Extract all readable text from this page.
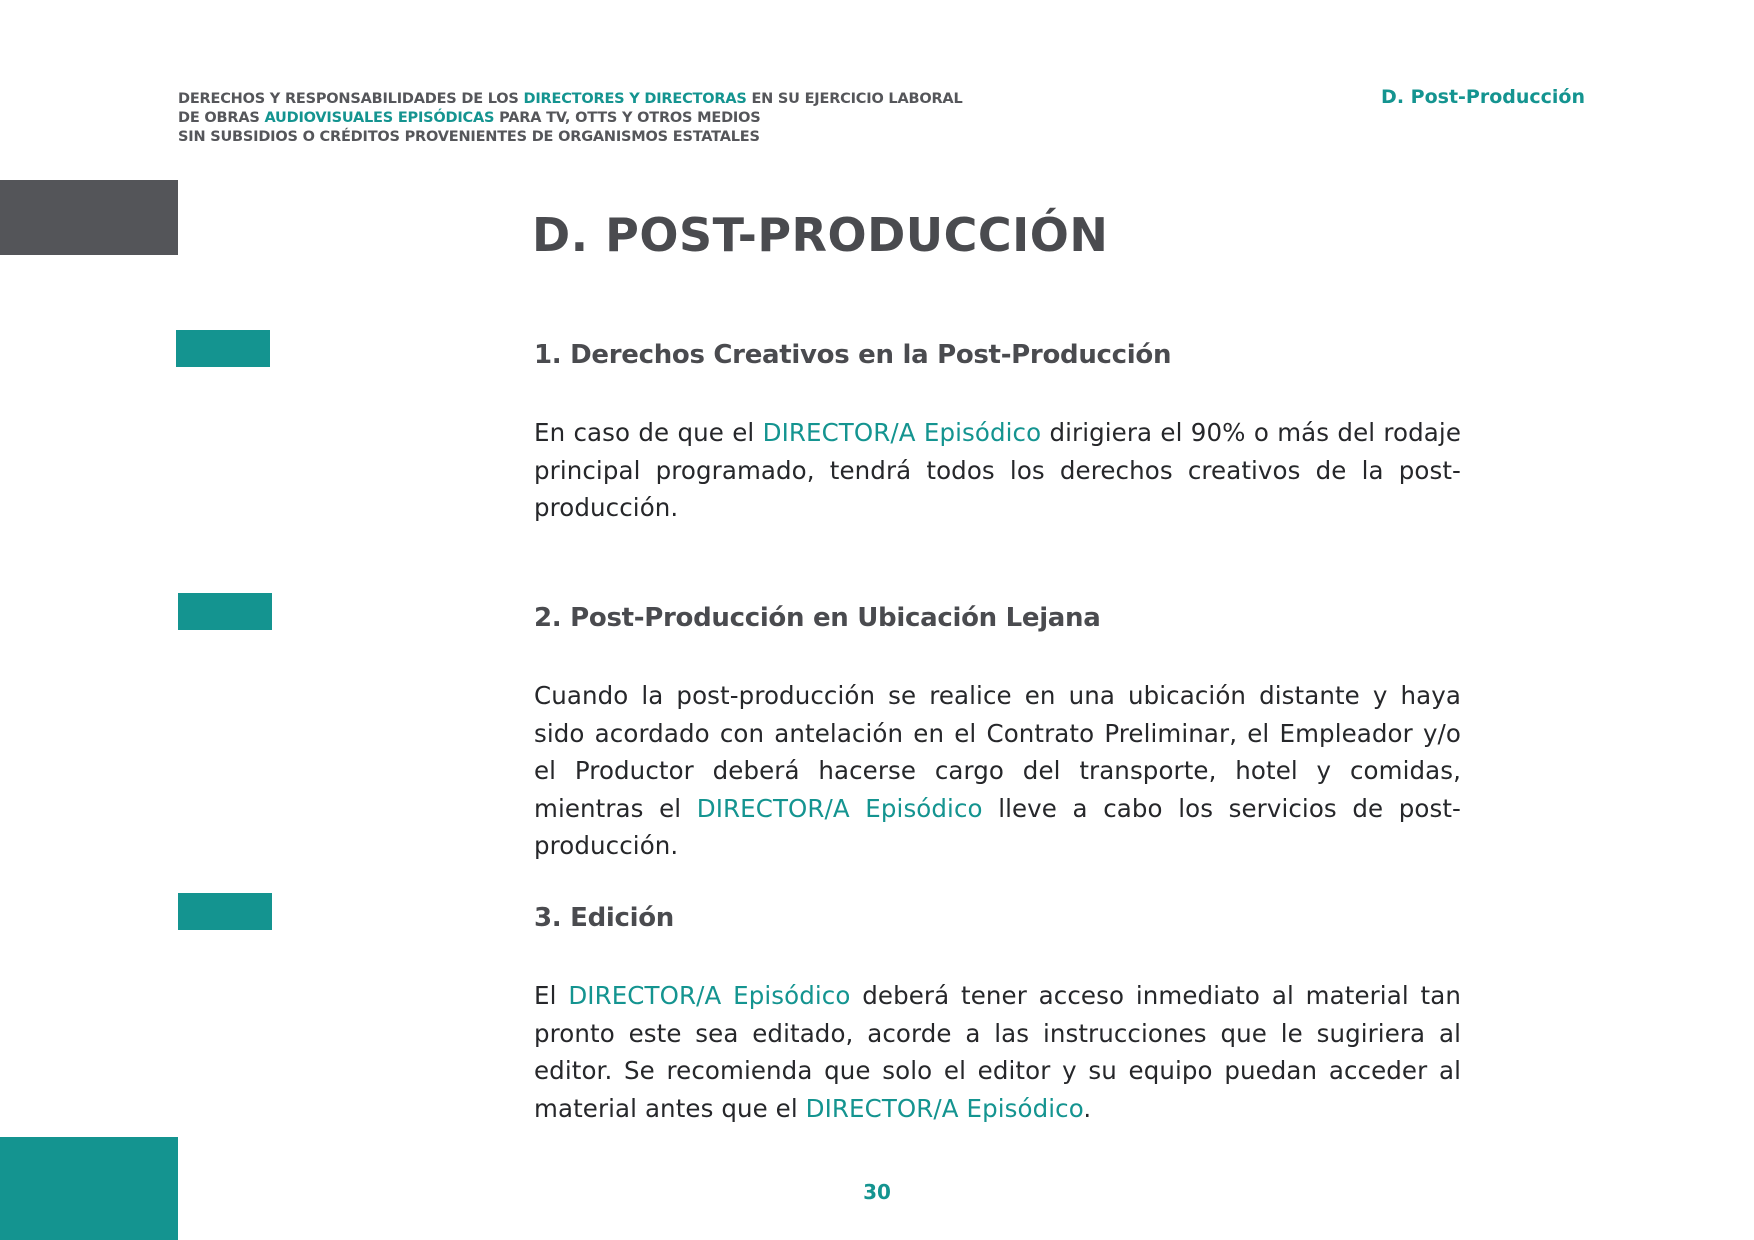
DERECHOS Y RESPONSABILIDADES DE LOS DIRECTORES Y DIRECTORAS EN SU EJERCICIO LABORAL
DE OBRAS AUDIOVISUALES EPISÓDICAS PARA TV, OTTS Y OTROS MEDIOS
SIN SUBSIDIOS O CRÉDITOS PROVENIENTES DE ORGANISMOS ESTATALES
D. Post-Producción
D. POST-PRODUCCIÓN
1. Derechos Creativos en la Post-Producción

En caso de que el DIRECTOR/A Episódico dirigiera el 90% o más del rodaje principal programado, tendrá todos los derechos creativos de la post-producción.

2. Post-Producción en Ubicación Lejana

Cuando la post-producción se realice en una ubicación distante y haya sido acordado con antelación en el Contrato Preliminar, el Empleador y/o el Productor deberá hacerse cargo del transporte, hotel y comidas, mientras el DIRECTOR/A Episódico lleve a cabo los servicios de post-producción.

3. Edición

El DIRECTOR/A Episódico deberá tener acceso inmediato al material tan pronto este sea editado, acorde a las instrucciones que le sugiriera al editor. Se recomienda que solo el editor y su equipo puedan acceder al material antes que el DIRECTOR/A Episódico.

30
